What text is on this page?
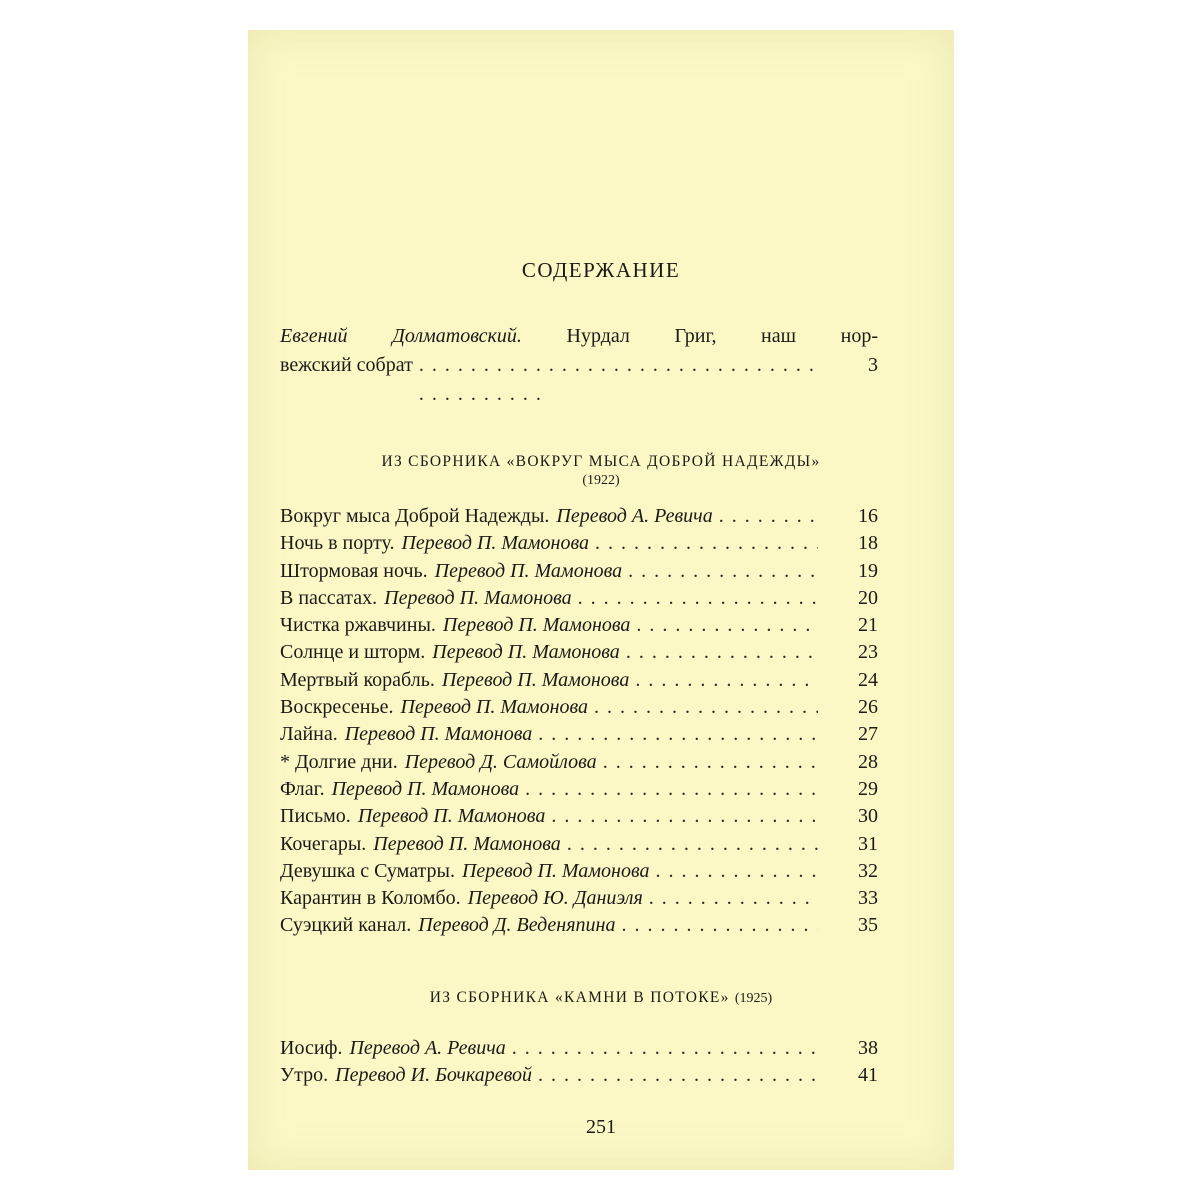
СОДЕРЖАНИЕ
Евгений Долматовский. Нурдал Григ, наш нор-
вежский собрат . . .	3
ИЗ СБОРНИКА «ВОКРУГ МЫСА ДОБРОЙ НАДЕЖДЫ»
(1922)
Вокруг мыса Доброй Надежды. Перевод А. Ревича . . .	16
Ночь в порту. Перевод П. Мамонова . . .	18
Штормовая ночь. Перевод П. Мамонова . . .	19
В пассатах. Перевод П. Мамонова . . .	20
Чистка ржавчины. Перевод П. Мамонова . . .	21
Солнце и шторм. Перевод П. Мамонова . . .	23
Мертвый корабль. Перевод П. Мамонова . . .	24
Воскресенье. Перевод П. Мамонова . . .	26
Лайна. Перевод П. Мамонова . . .	27
* Долгие дни. Перевод Д. Самойлова . . .	28
Флаг. Перевод П. Мамонова . . .	29
Письмо. Перевод П. Мамонова . . .	30
Кочегары. Перевод П. Мамонова . . .	31
Девушка с Суматры. Перевод П. Мамонова . . .	32
Карантин в Коломбо. Перевод Ю. Даниэля . . .	33
Суэцкий канал. Перевод Д. Веденяпина . . .	35
ИЗ СБОРНИКА «КАМНИ В ПОТОКЕ» (1925)
Иосиф. Перевод А. Ревича . . .	38
Утро. Перевод И. Бочкаревой . . .	41
251
